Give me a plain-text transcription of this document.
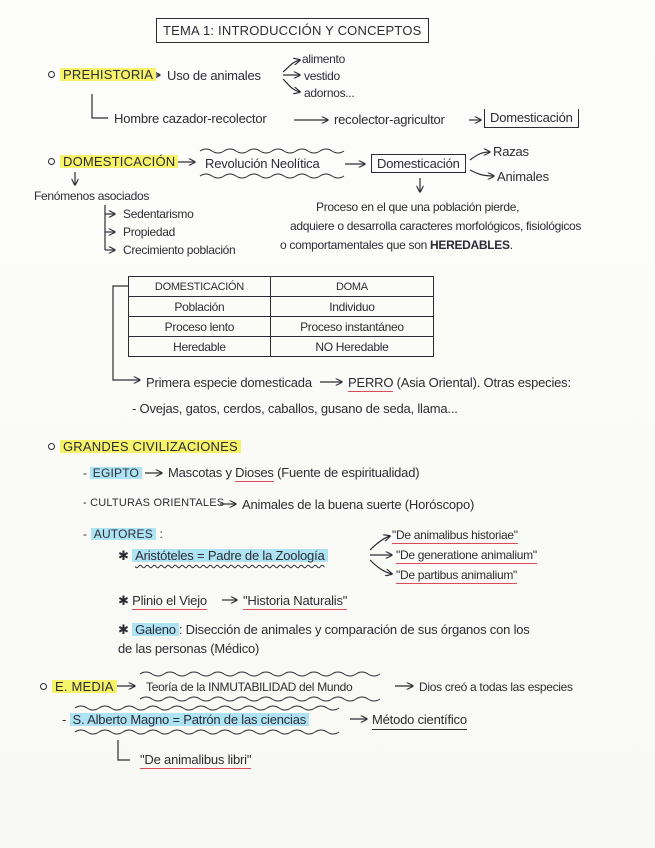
TEMA 1: INTRODUCCIÓN Y CONCEPTOS
PREHISTORIA Uso de animales
alimento
vestido
adornos...
Hombre cazador-recolector	recolector-agricultor	Domesticación
DOMESTICACIÓN Revolución Neolítica	Domesticación
Razas
Animales
Fenómenos asociados
Sedentarismo
Propiedad
Crecimiento población
Proceso en el que una población pierde,
adquiere o desarrolla caracteres morfológicos, fisiológicos
o comportamentales que son HEREDABLES.
DOMESTICACIÓN	DOMA
Población	Individuo
Proceso lento	Proceso instantáneo
Heredable	NO Heredable
Primera especie domesticada	PERRO (Asia Oriental). Otras especies:
- Ovejas, gatos, cerdos, caballos, gusano de seda, llama...
GRANDES CIVILIZACIONES
- EGIPTO Mascotas y Dioses (Fuente de espiritualidad)
- CULTURAS ORIENTALES Animales de la buena suerte (Horóscopo)
- AUTORES :
✱ Aristóteles = Padre de la Zoología
"De animalibus historiae"
"De generatione animalium"
"De partibus animalium"
✱ Plinio el Viejo	"Historia Naturalis"
✱ Galeno : Disección de animales y comparación de sus órganos con los
de las personas (Médico)
E. MEDIA	Teoría de la INMUTABILIDAD del Mundo	Dios creó a todas las especies
- S. Alberto Magno = Patrón de las ciencias	Método científico
"De animalibus libri"
